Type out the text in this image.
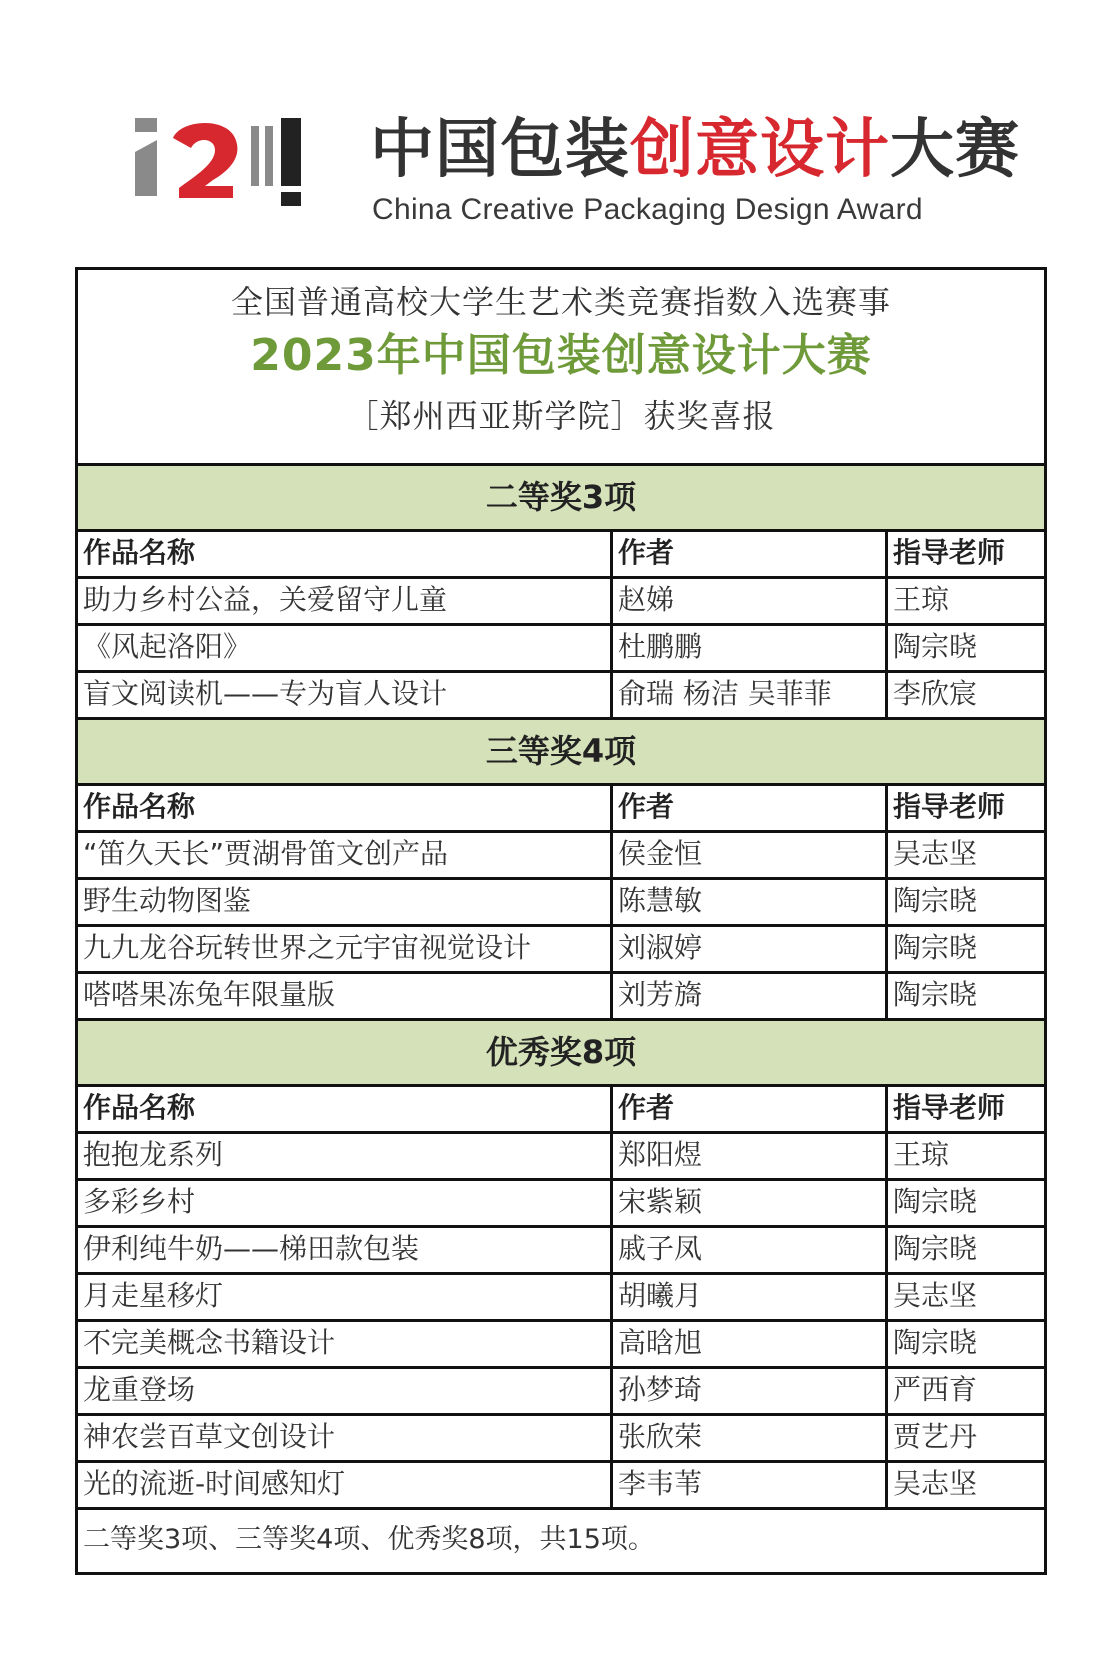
中国包装创意设计大赛
China Creative Packaging Design Award
全国普通高校大学生艺术类竞赛指数入选赛事
2023年中国包装创意设计大赛
［郑州西亚斯学院］获奖喜报
二等奖3项
作品名称	作者	指导老师
助力乡村公益，关爱留守儿童	赵娣	王琼
《风起洛阳》	杜鹏鹏	陶宗晓
盲文阅读机——专为盲人设计	俞瑞 杨洁 吴菲菲	李欣宸
三等奖4项
作品名称	作者	指导老师
“笛久天长”贾湖骨笛文创产品	侯金恒	吴志坚
野生动物图鉴	陈慧敏	陶宗晓
九九龙谷玩转世界之元宇宙视觉设计	刘淑婷	陶宗晓
嗒嗒果冻兔年限量版	刘芳旖	陶宗晓
优秀奖8项
作品名称	作者	指导老师
抱抱龙系列	郑阳煜	王琼
多彩乡村	宋紫颖	陶宗晓
伊利纯牛奶——梯田款包装	戚子凤	陶宗晓
月走星移灯	胡曦月	吴志坚
不完美概念书籍设计	高晗旭	陶宗晓
龙重登场	孙梦琦	严西育
神农尝百草文创设计	张欣荣	贾艺丹
光的流逝-时间感知灯	李韦苇	吴志坚
二等奖3项、三等奖4项、优秀奖8项，共15项。
